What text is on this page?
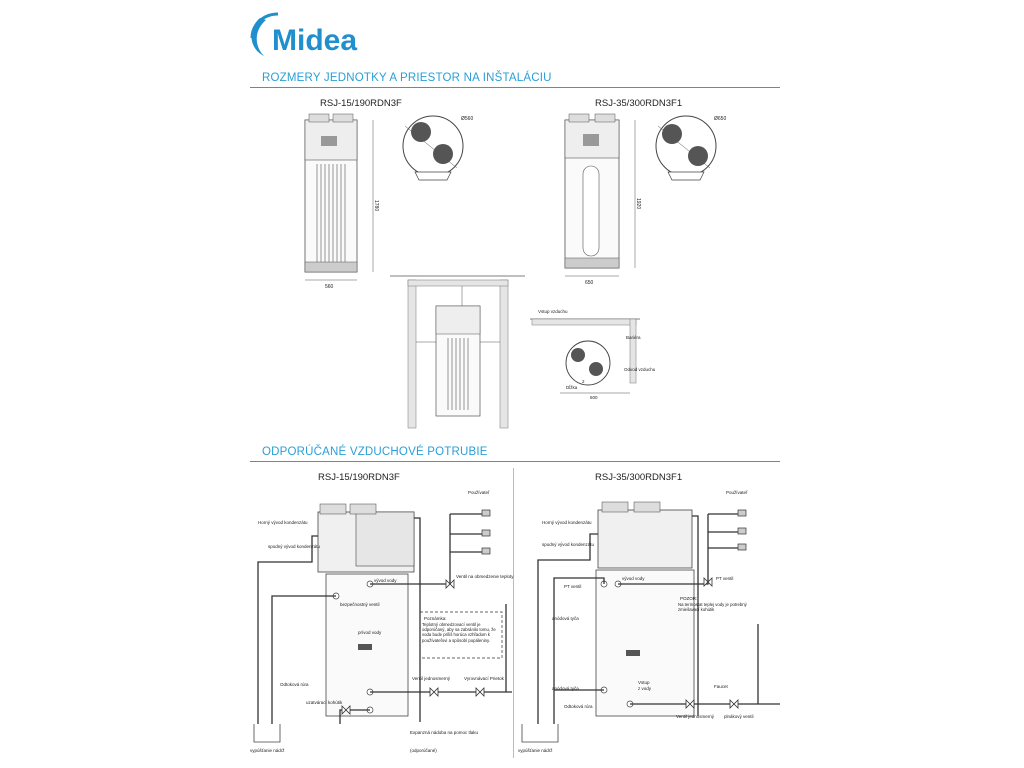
Midea
ROZMERY JEDNOTKY A PRIESTOR NA INŠTALÁCIU
RSJ-15/190RDN3F	RSJ-35/300RDN3F1
1780
560
Ø560
1920
650
Ø650
Vstup vzduchu
Bariéra
Odvod vzduchu
Dĺžka
2
600
ODPORÚČANÉ VZDUCHOVÉ POTRUBIE
RSJ-15/190RDN3F	RSJ-35/300RDN3F1
Horný vývod kondenzátu
spodný vývod kondenzátu
vývod vody
bezpečnostný ventil
prívod vody
Ventil na obmedzenie teploty
Používateľ
Poznámka:
Teplotný obmedzovací ventil je odporúčaný, aby sa zabránilo tomu, že voda bude príliš horúca vzhľadom k používateľovi a spôsobí popáleniny.
Odtoková rúra
uzatvárací kohútik
Ventil jednosmerný	Vyrovnávací Prietok
vypúšťanie nádrž
Expanzná nádoba na pomoc tlaku
(odporúčané)
Horný vývod kondenzátu
spodný vývod kondenzátu
PT ventil
vývod vody
Používateľ
PT ventil
POZOR:
Na termostat teplej vody je potrebný zmiešavací kohútik
anódová tyča
anódová tyča
Vstup
z vody
Odtoková rúra
Faucet
plnákový ventil
Ventil jednosmerný
vypúšťanie nádrž
